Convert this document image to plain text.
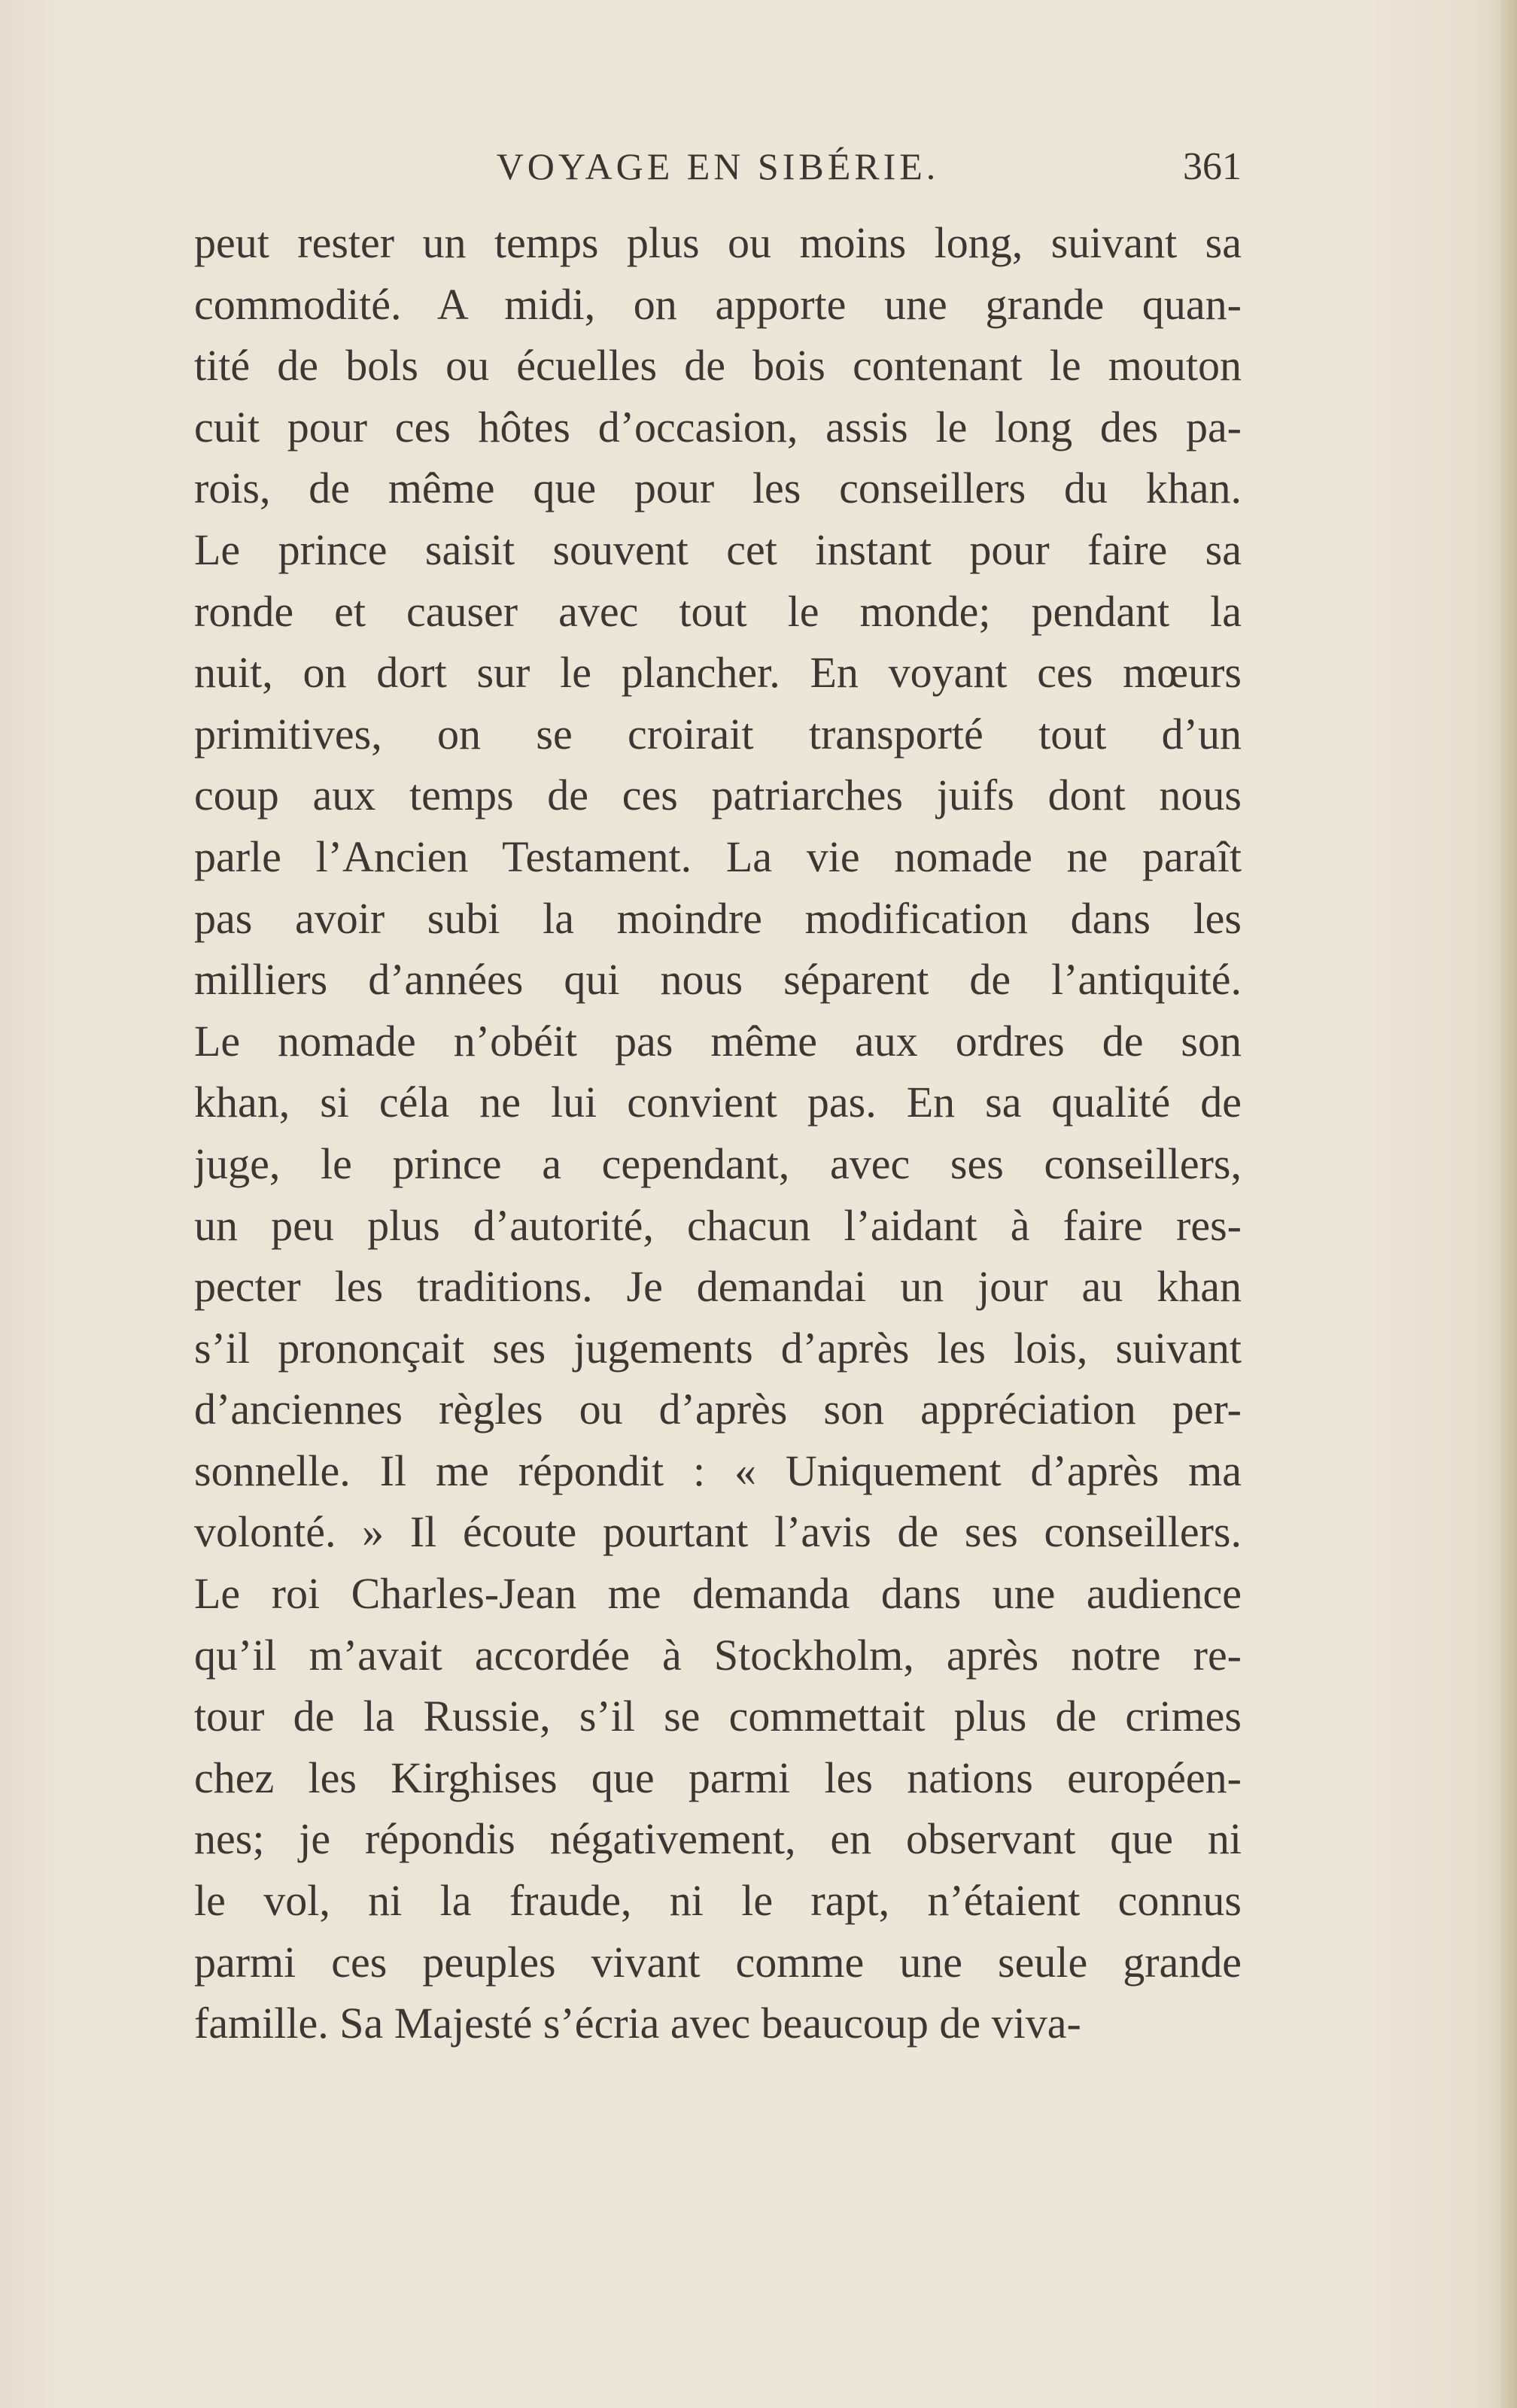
VOYAGE EN SIBÉRIE.	361
peut rester un temps plus ou moins long, suivant sa
commodité. A midi, on apporte une grande quan-
tité de bols ou écuelles de bois contenant le mouton
cuit pour ces hôtes d’occasion, assis le long des pa-
rois, de même que pour les conseillers du khan.
Le prince saisit souvent cet instant pour faire sa
ronde et causer avec tout le monde; pendant la
nuit, on dort sur le plancher. En voyant ces mœurs
primitives, on se croirait transporté tout d’un
coup aux temps de ces patriarches juifs dont nous
parle l’Ancien Testament. La vie nomade ne paraît
pas avoir subi la moindre modification dans les
milliers d’années qui nous séparent de l’antiquité.
Le nomade n’obéit pas même aux ordres de son
khan, si céla ne lui convient pas. En sa qualité de
juge, le prince a cependant, avec ses conseillers,
un peu plus d’autorité, chacun l’aidant à faire res-
pecter les traditions. Je demandai un jour au khan
s’il prononçait ses jugements d’après les lois, suivant
d’anciennes règles ou d’après son appréciation per-
sonnelle. Il me répondit : « Uniquement d’après ma
volonté. » Il écoute pourtant l’avis de ses conseillers.
Le roi Charles-Jean me demanda dans une audience
qu’il m’avait accordée à Stockholm, après notre re-
tour de la Russie, s’il se commettait plus de crimes
chez les Kirghises que parmi les nations européen-
nes; je répondis négativement, en observant que ni
le vol, ni la fraude, ni le rapt, n’étaient connus
parmi ces peuples vivant comme une seule grande
famille. Sa Majesté s’écria avec beaucoup de viva-
